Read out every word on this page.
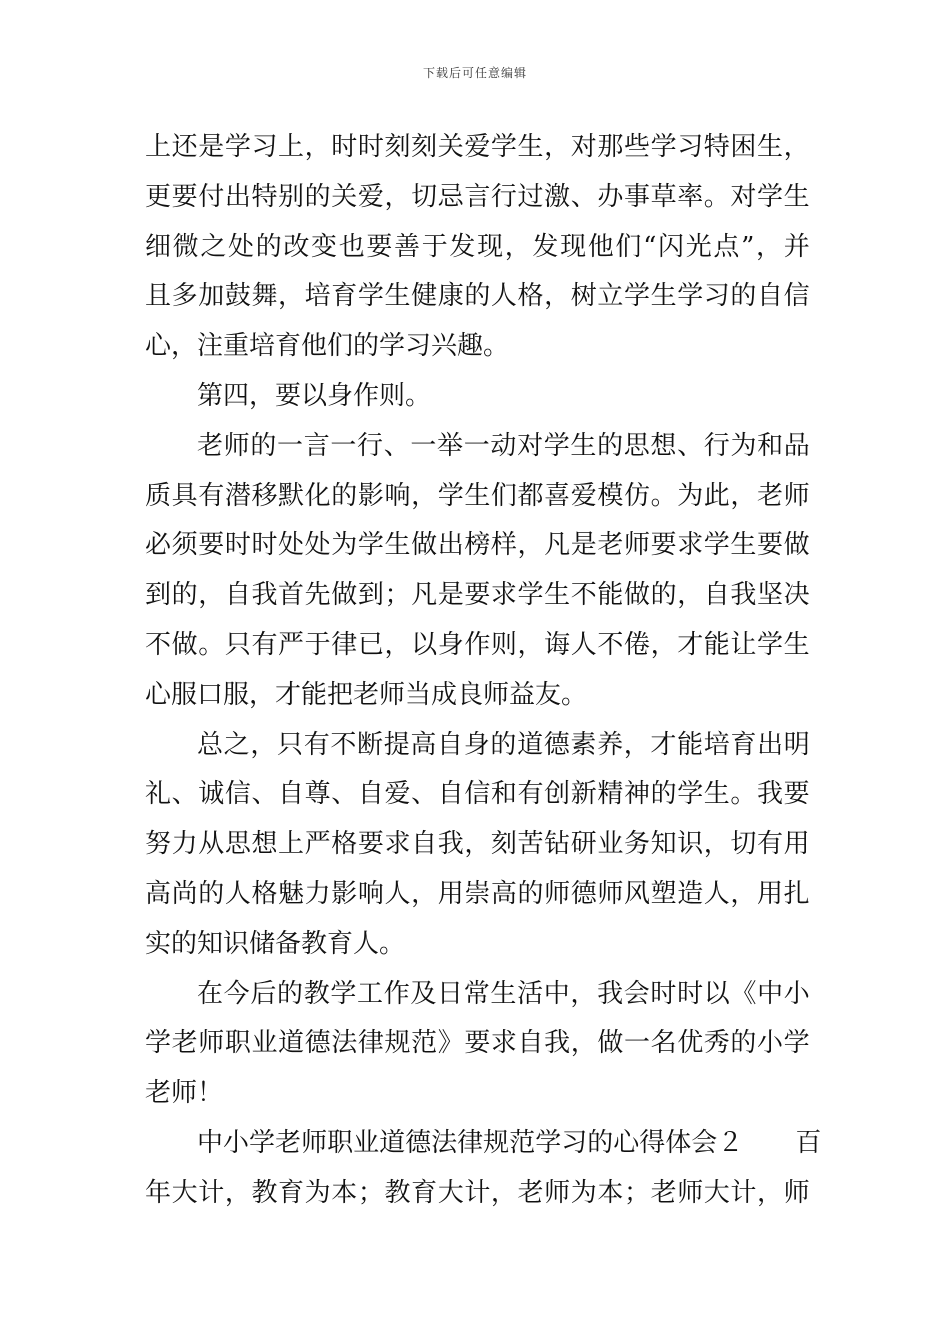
下载后可任意编辑
上 还 是 学 习 上 ， 时 时 刻 刻 关 爱 学 生 ， 对 那 些 学 习 特 困 生 ，
更 要 付 出 特 别 的 关 爱 ， 切 忌 言 行 过 激 、 办 事 草 率 。 对 学 生
细 微 之 处 的 改 变 也 要 善 于 发 现 ， 发 现 他 们 “ 闪 光 点 ” ， 并
且 多 加 鼓 舞 ， 培 育 学 生 健 康 的 人 格 ， 树 立 学 生 学 习 的 自 信
心，注重培育他们的学习兴趣。
第四，要以身作则。
老 师 的 一 言 一 行 、 一 举 一 动 对 学 生 的 思 想 、 行 为 和 品
质 具 有 潜 移 默 化 的 影 响 ， 学 生 们 都 喜 爱 模 仿 。 为 此 ， 老 师
必 须 要 时 时 处 处 为 学 生 做 出 榜 样 ， 凡 是 老 师 要 求 学 生 要 做
到 的 ， 自 我 首 先 做 到 ； 凡 是 要 求 学 生 不 能 做 的 ， 自 我 坚 决
不 做 。 只 有 严 于 律 已 ， 以 身 作 则 ， 诲 人 不 倦 ， 才 能 让 学 生
心服口服，才能把老师当成良师益友。
总 之 ， 只 有 不 断 提 高 自 身 的 道 德 素 养 ， 才 能 培 育 出 明
礼 、 诚 信 、 自 尊 、 自 爱 、 自 信 和 有 创 新 精 神 的 学 生 。 我 要
努 力 从 思 想 上 严 格 要 求 自 我 ， 刻 苦 钻 研 业 务 知 识 ， 切 有 用
高 尚 的 人 格 魅 力 影 响 人 ， 用 崇 高 的 师 德 师 风 塑 造 人 ， 用 扎
实的知识储备教育人。
在 今 后 的 教 学 工 作 及 日 常 生 活 中 ， 我 会 时 时 以 《 中 小
学 老 师 职 业 道 德 法 律 规 范 》 要 求 自 我 ， 做 一 名 优 秀 的 小 学
老师！
中 小 学 老 师 职 业 道 德 法 律 规 范 学 习 的 心 得 体 会 ２

　 百
年 大 计 ， 教 育 为 本 ； 教 育 大 计 ， 老 师 为 本 ； 老 师 大 计 ， 师
